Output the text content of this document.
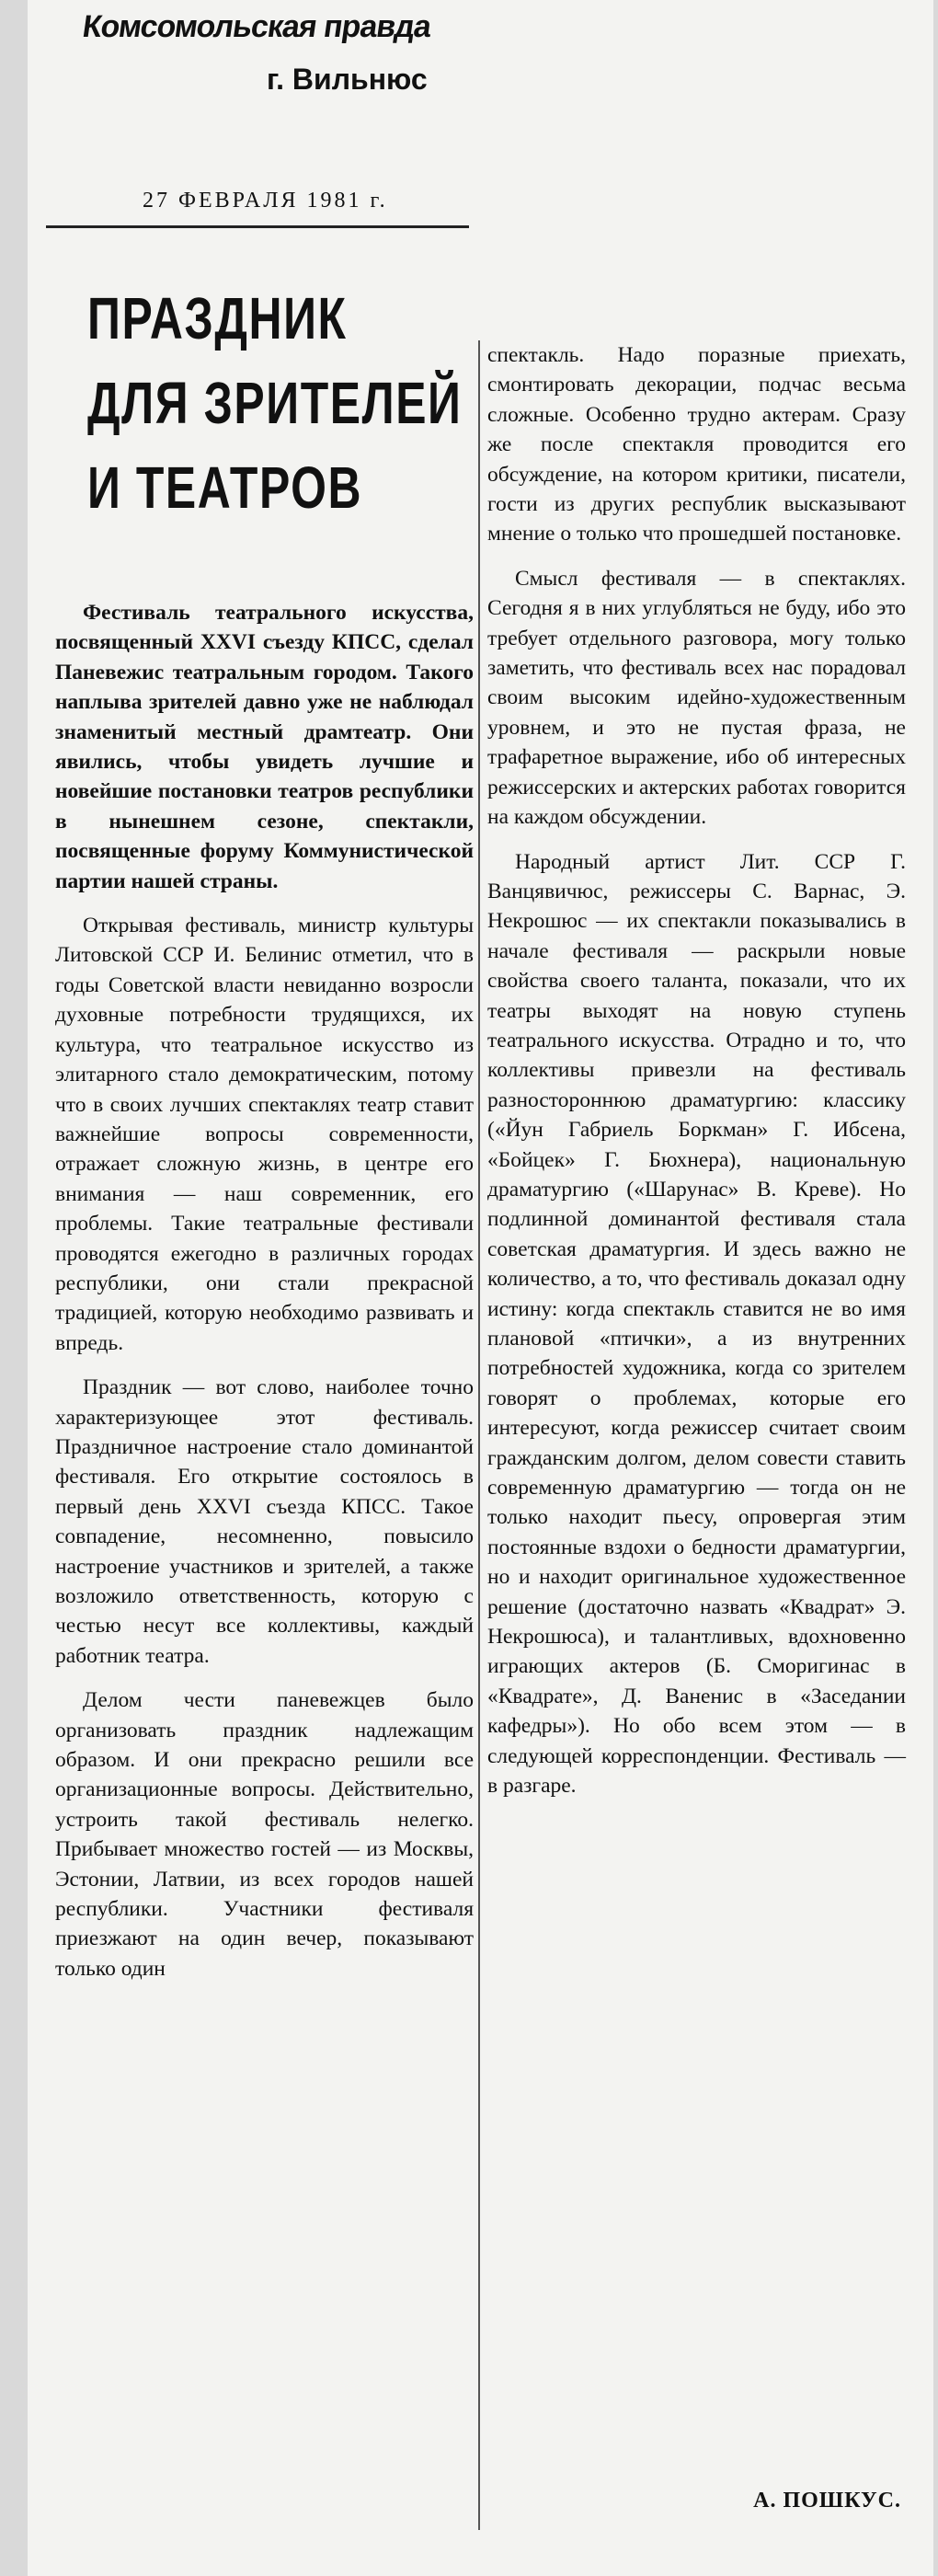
Комсомольская правда
г. Вильнюс
27 ФЕВРАЛЯ 1981 г.
ПРАЗДНИК
ДЛЯ ЗРИТЕЛЕЙ
И ТЕАТРОВ

Фестиваль театрального искусства, посвященный XXVI съезду КПСС, сделал Паневежис театральным городом. Такого наплыва зрителей давно уже не наблюдал знаменитый местный драмтеатр. Они явились, чтобы увидеть лучшие и новейшие постановки театров республики в нынешнем сезоне, спектакли, посвященные форуму Коммунистической партии нашей страны.

Открывая фестиваль, министр культуры Литовской ССР И. Белинис отметил, что в годы Советской власти невиданно возросли духовные потребности трудящихся, их культура, что театральное искусство из элитарного стало демократическим, потому что в своих лучших спектаклях театр ставит важнейшие вопросы современности, отражает сложную жизнь, в центре его внимания — наш современник, его проблемы. Такие театральные фестивали проводятся ежегодно в различных городах республики, они стали прекрасной традицией, которую необходимо развивать и впредь.

Праздник — вот слово, наиболее точно характеризующее этот фестиваль. Праздничное настроение стало доминантой фестиваля. Его открытие состоялось в первый день XXVI съезда КПСС. Такое совпадение, несомненно, повысило настроение участников и зрителей, а также возложило ответственность, которую с честью несут все коллективы, каждый работник театра.

Делом чести паневежцев было организовать праздник надлежащим образом. И они прекрасно решили все организационные вопросы. Действительно, устроить такой фестиваль нелегко. Прибывает множество гостей — из Москвы, Эстонии, Латвии, из всех городов нашей республики. Участники фестиваля приезжают на один вечер, показывают только один

спектакль. Надо поразные приехать, смонтировать декорации, подчас весьма сложные. Особенно трудно актерам. Сразу же после спектакля проводится его обсуждение, на котором критики, писатели, гости из других республик высказывают мнение о только что прошедшей постановке.

Смысл фестиваля — в спектаклях. Сегодня я в них углубляться не буду, ибо это требует отдельного разговора, могу только заметить, что фестиваль всех нас порадовал своим высоким идейно-художественным уровнем, и это не пустая фраза, не трафаретное выражение, ибо об интересных режиссерских и актерских работах говорится на каждом обсуждении.

Народный артист Лит. ССР Г. Ванцявичюс, режиссеры С. Варнас, Э. Некрошюс — их спектакли показывались в начале фестиваля — раскрыли новые свойства своего таланта, показали, что их театры выходят на новую ступень театрального искусства. Отрадно и то, что коллективы привезли на фестиваль разностороннюю драматургию: классику («Йун Габриель Боркман» Г. Ибсена, «Бойцек» Г. Бюхнера), национальную драматургию («Шарунас» В. Креве). Но подлинной доминантой фестиваля стала советская драматургия. И здесь важно не количество, а то, что фестиваль доказал одну истину: когда спектакль ставится не во имя плановой «птички», а из внутренних потребностей художника, когда со зрителем говорят о проблемах, которые его интересуют, когда режиссер считает своим гражданским долгом, делом совести ставить современную драматургию — тогда он не только находит пьесу, опровергая этим постоянные вздохи о бедности драматургии, но и находит оригинальное художественное решение (достаточно назвать «Квадрат» Э. Некрошюса), и талантливых, вдохновенно играющих актеров (Б. Сморигинас в «Квадрате», Д. Ваненис в «Заседании кафедры»). Но обо всем этом — в следующей корреспонденции. Фестиваль — в разгаре.

А. ПОШКУС.
